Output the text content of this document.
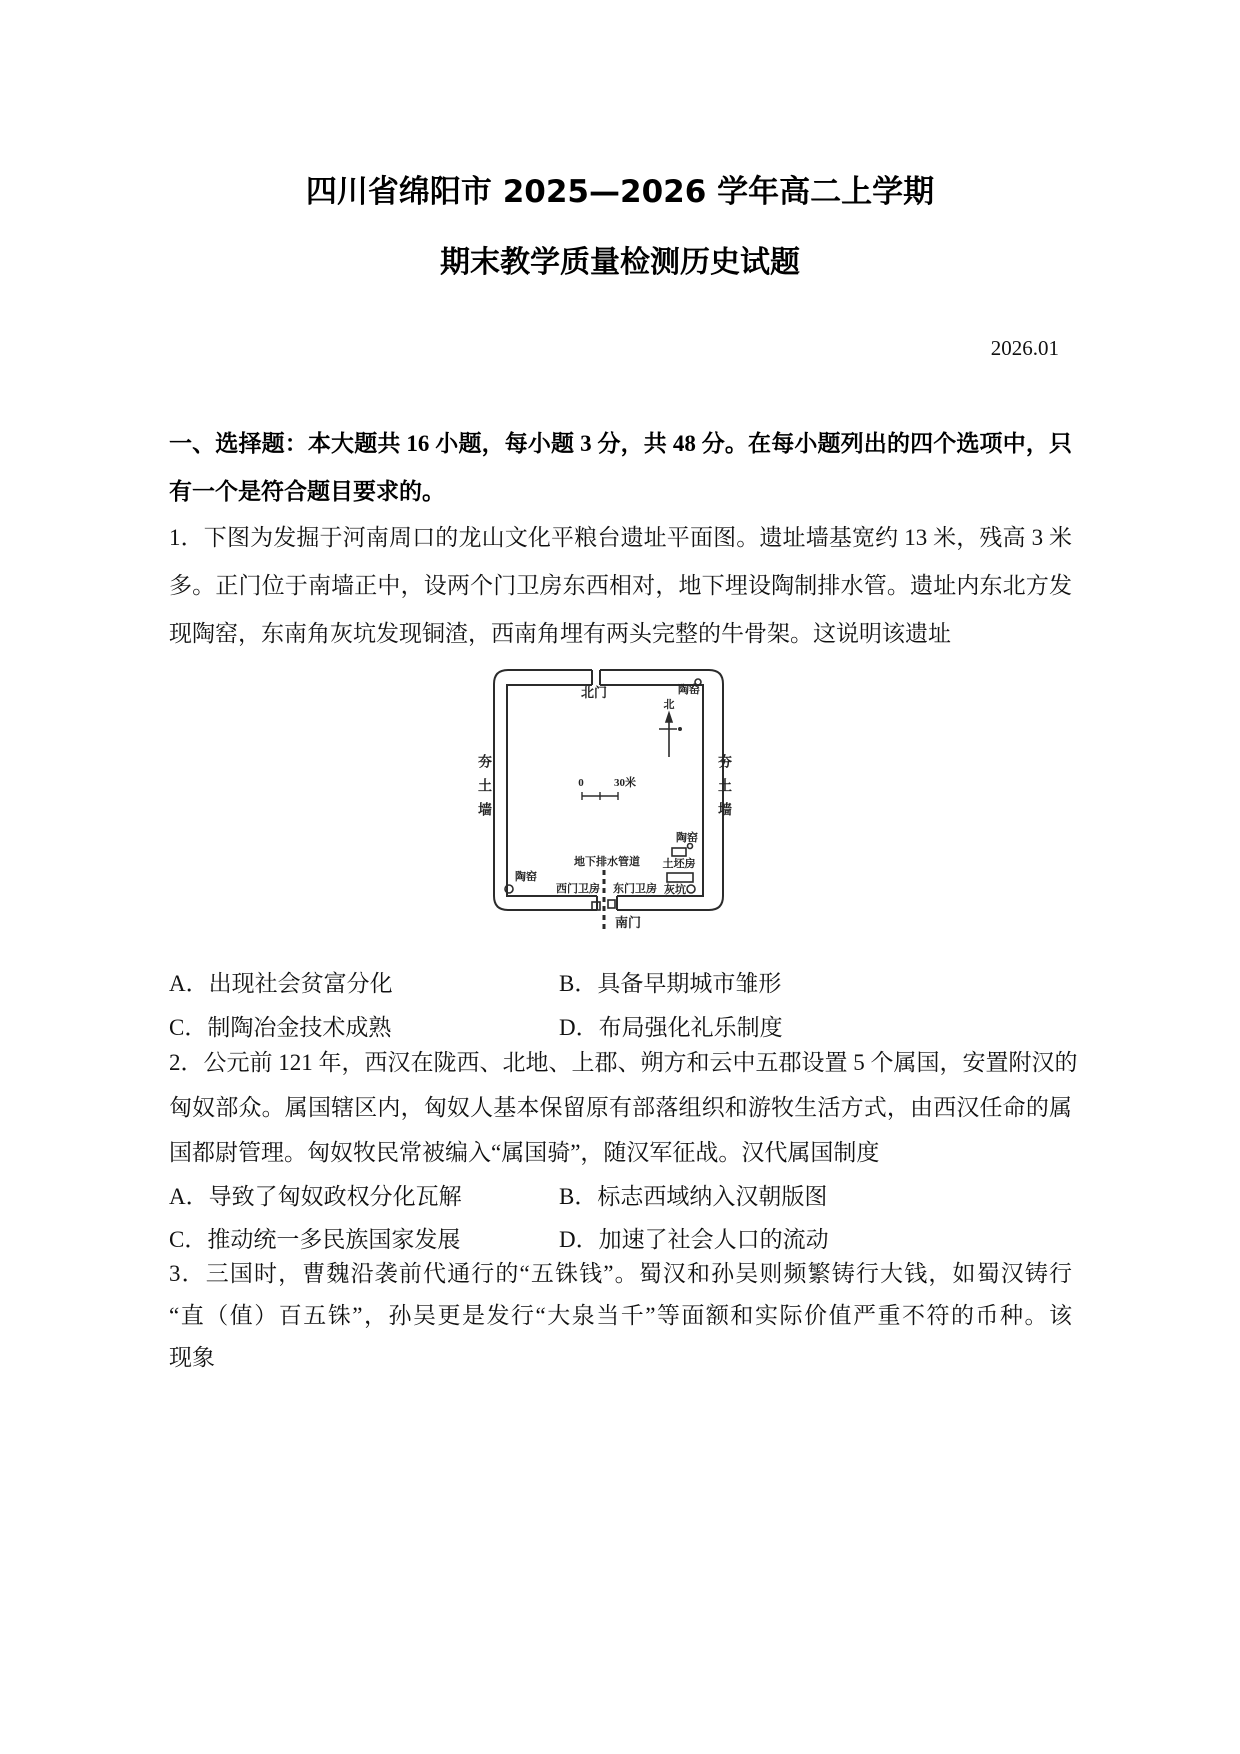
四川省绵阳市 2025—2026 学年高二上学期
期末教学质量检测历史试题
2026.01
一、选择题：本大题共 16 小题，每小题 3 分，共 48 分。在每小题列出的四个选项中，只
有一个是符合题目要求的。
1．下图为发掘于河南周口的龙山文化平粮台遗址平面图。遗址墙基宽约 13 米，残高 3 米
多。正门位于南墙正中，设两个门卫房东西相对，地下埋设陶制排水管。遗址内东北方发
现陶窑，东南角灰坑发现铜渣，西南角埋有两头完整的牛骨架。这说明该遗址
北门	陶窑
北
夯土墙	夯土墙
0	30米
陶窑
土坯房
地下排水管道
陶窑
西门卫房 东门卫房 灰坑
南门
A．出现社会贫富分化	B．具备早期城市雏形
C．制陶冶金技术成熟	D．布局强化礼乐制度
2．公元前 121 年，西汉在陇西、北地、上郡、朔方和云中五郡设置 5 个属国，安置附汉的
匈奴部众。属国辖区内，匈奴人基本保留原有部落组织和游牧生活方式，由西汉任命的属
国都尉管理。匈奴牧民常被编入“属国骑”，随汉军征战。汉代属国制度
A．导致了匈奴政权分化瓦解	B．标志西域纳入汉朝版图
C．推动统一多民族国家发展	D．加速了社会人口的流动
3．三国时，曹魏沿袭前代通行的“五铢钱”。蜀汉和孙吴则频繁铸行大钱，如蜀汉铸行
“直（值）百五铢”，孙吴更是发行“大泉当千”等面额和实际价值严重不符的币种。该
现象
